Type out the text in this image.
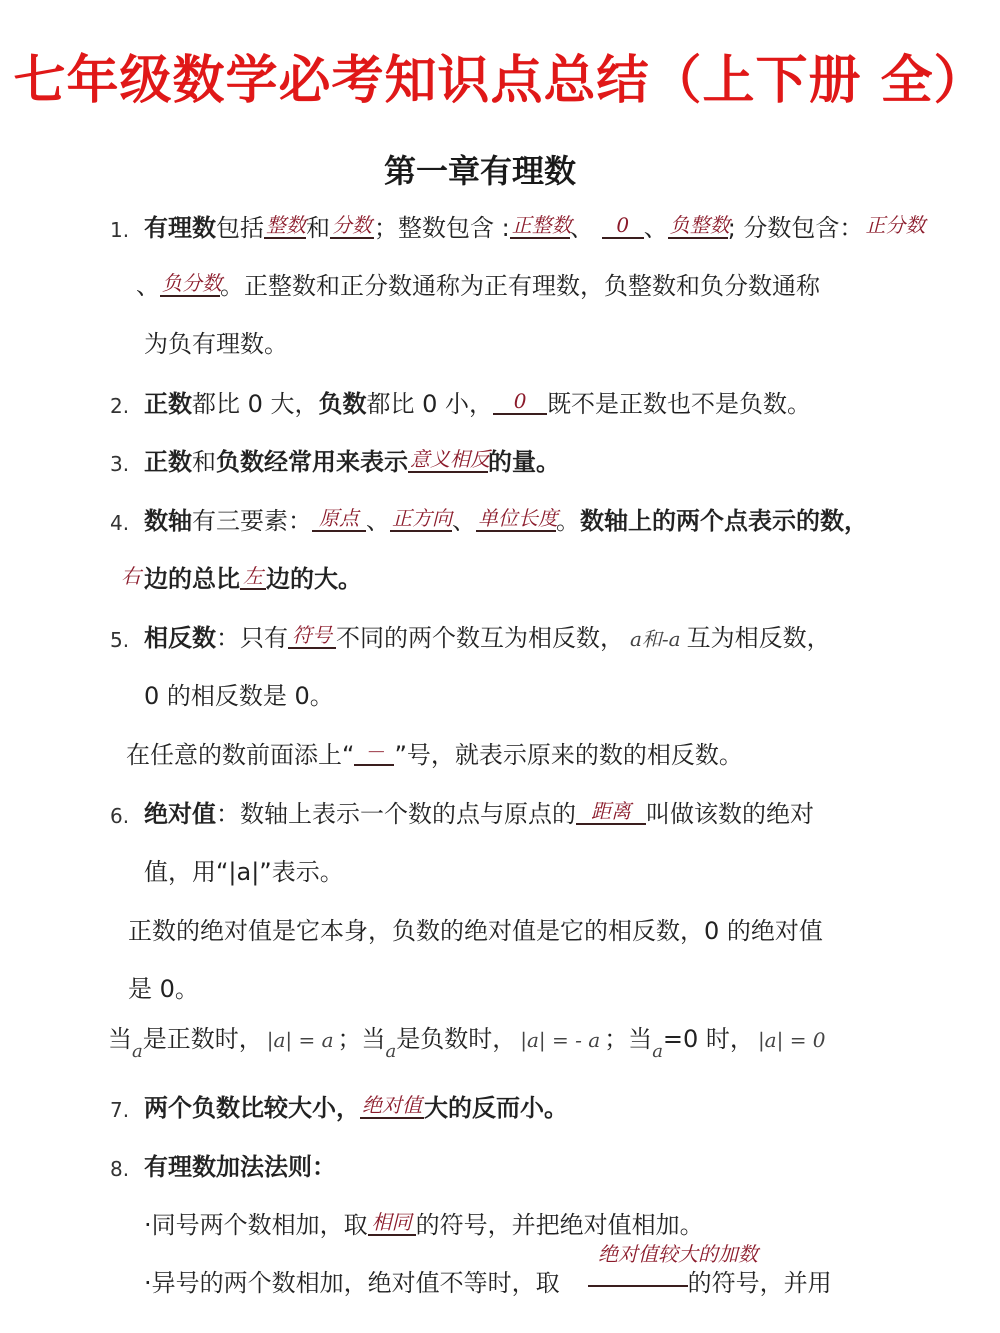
七年级数学必考知识点总结（上下册 全）
第一章有理数
1. 有理数包括 整数和 分数；整数包含 : 正整数、 0 、 负整数; 分数包含： 正分数
、 负分数。正整数和正分数通称为正有理数，负整数和负分数通称
为负有理数。
2. 正数都比 0 大，负数都比 0 小， 0 既不是正数也不是负数。
3. 正数和负数经常用来表示 意义相反的量。
4. 数轴有三要素： 原点 、 正方向、 单位长度。数轴上的两个点表示的数，
右 边的总比 左 边的大。
5. 相反数：只有 符号 不同的两个数互为相反数， a和-a 互为相反数，
0 的相反数是 0。
在任意的数前面添上“ － ”号，就表示原来的数的相反数。
6. 绝对值：数轴上表示一个数的点与原点的 距离 叫做该数的绝对
值，用“|a|”表示。
正数的绝对值是它本身，负数的绝对值是它的相反数，0 的绝对值
是 0。
当$_a$是正数时， |a| = a ；当$_a$是负数时， |a| = - a ；当$_a$=0 时， |a| = 0
7. 两个负数比较大小， 绝对值大的反而小。
8. 有理数加法法则：
·同号两个数相加，取 相同 的符号，并把绝对值相加。
绝对值较大的加数
·异号的两个数相加，绝对值不等时，取	的符号，并用
